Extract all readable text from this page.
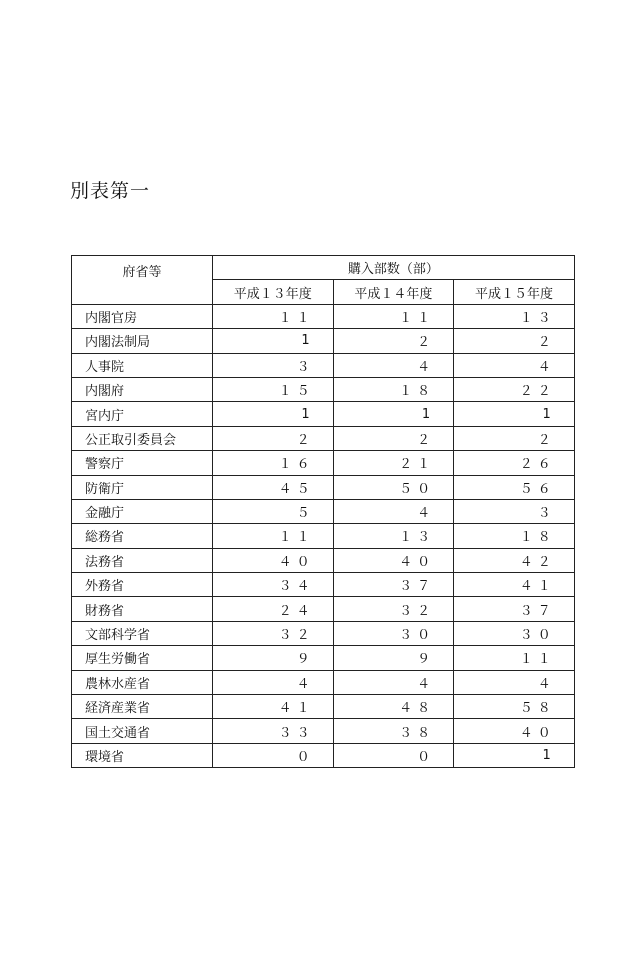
別表第一
府省等	購入部数（部）		
	平成１３年度	平成１４年度	平成１５年度
内閣官房	１１	１１	１３
内閣法制局	1	２	２
人事院	３	４	４
内閣府	１５	１８	２２
宮内庁	1	1	1
公正取引委員会	２	２	２
警察庁	１６	２１	２６
防衛庁	４５	５０	５６
金融庁	５	４	３
総務省	１１	１３	１８
法務省	４０	４０	４２
外務省	３４	３７	４１
財務省	２４	３２	３７
文部科学省	３２	３０	３０
厚生労働省	９	９	１１
農林水産省	４	４	４
経済産業省	４１	４８	５８
国土交通省	３３	３８	４０
環境省	０	０	1
